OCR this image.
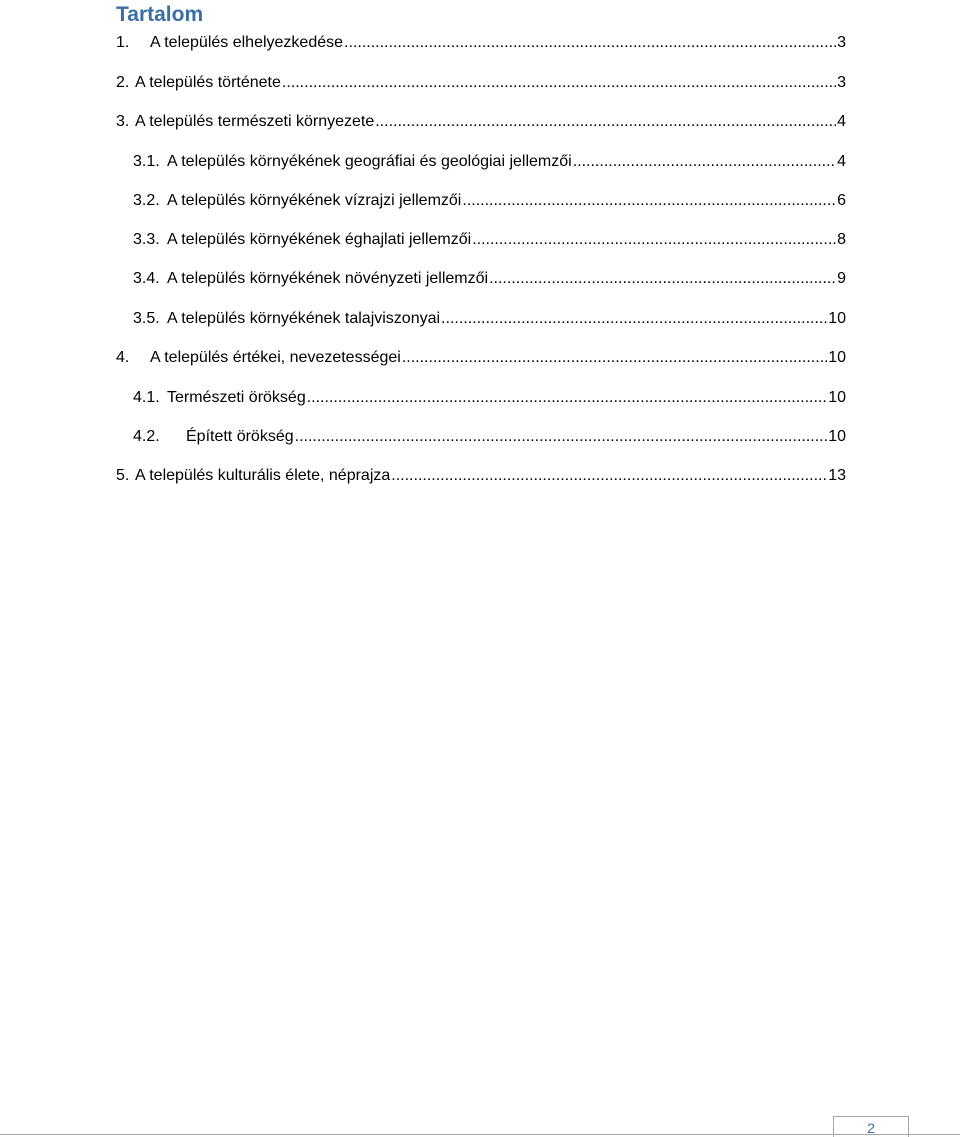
Tartalom
1.	A település elhelyezkedése .....	3
2. A település története .....	3
3. A település természeti környezete .....	4
3.1. A település környékének geográfiai és geológiai jellemzői .....	4
3.2. A település környékének vízrajzi jellemzői .....	6
3.3. A település környékének éghajlati jellemzői .....	8
3.4. A település környékének növényzeti jellemzői .....	9
3.5. A település környékének talajviszonyai .....	10
4.	A település értékei, nevezetességei .....	10
4.1. Természeti örökség .....	10
4.2.	Épített örökség .....	10
5. A település kulturális élete, néprajza .....	13
2
